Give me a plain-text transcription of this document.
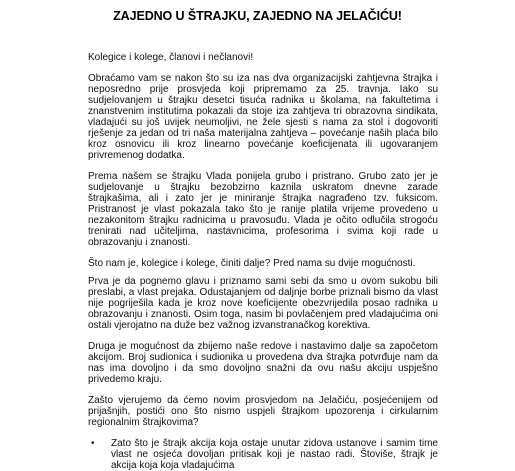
ZAJEDNO U ŠTRAJKU, ZAJEDNO NA JELAČIĆU!
Kolegice i kolege, članovi i nečlanovi!

Obraćamo vam se nakon što su iza nas dva organizacijski zahtjevna štrajka i neposredno prije prosvjeda koji pripremamo za 25. travnja. Iako su sudjelovanjem u štrajku desetci tisuća radnika u školama, na fakultetima i znanstvenim institutima pokazali da stoje iza zahtjeva tri obrazovna sindikata, vladajući su još uvijek neumoljivi, ne žele sjesti s nama za stol i dogovoriti rješenje za jedan od tri naša materijalna zahtjeva – povećanje naših plaća bilo kroz osnovicu ili kroz linearno povećanje koeficijenata ili ugovaranjem privremenog dodatka.

Prema našem se štrajku Vlada ponijela grubo i pristrano. Grubo zato jer je sudjelovanje u štrajku bezobzirno kaznila uskratom dnevne zarade štrajkašima, ali i zato jer je miniranje štrajka nagrađeno tzv. fuksicom. Pristranost je vlast pokazala tako što je ranije platila vrijeme provedeno u nezakonitom štrajku radnicima u pravosuđu. Vlada je očito odlučila strogoću trenirati nad učiteljima, nastavnicima, profesorima i svima koji rade u obrazovanju i znanosti.

Što nam je, kolegice i kolege, činiti dalje? Pred nama su dvije mogućnosti.

Prva je da pognemo glavu i priznamo sami sebi da smo u ovom sukobu bili preslabi, a vlast prejaka. Odustajanjem od daljnje borbe priznali bismo da vlast nije pogriješila kada je kroz nove koeficijente obezvrijedila posao radnika u obrazovanju i znanosti. Osim toga, nasim bi povlačenjem pred vladajućima oni ostali vjerojatno na duže bez važnog izvanstranačkog korektiva.

Druga je mogućnost da zbijemo naše redove i nastavimo dalje sa započetom akcijom. Broj sudionica i sudionika u provedena dva štrajka potvrđuje nam da nas ima dovoljno i da smo dovoljno snažni da ovu našu akciju uspješno privedemo kraju.

Zašto vjerujemo da ćemo novim prosvjedom na Jelačiću, posjećenijem od prijašnjih, postići ono što nismo uspjeli štrajkom upozorenja i cirkularnim regionalnim štrajkovima?

• Zato što je štrajk akcija koja ostaje unutar zidova ustanove i samim time vlast ne osjeća dovoljan pritisak koji je nastao radi. Štoviše, štrajk je akcija koja kojа vladajućima
